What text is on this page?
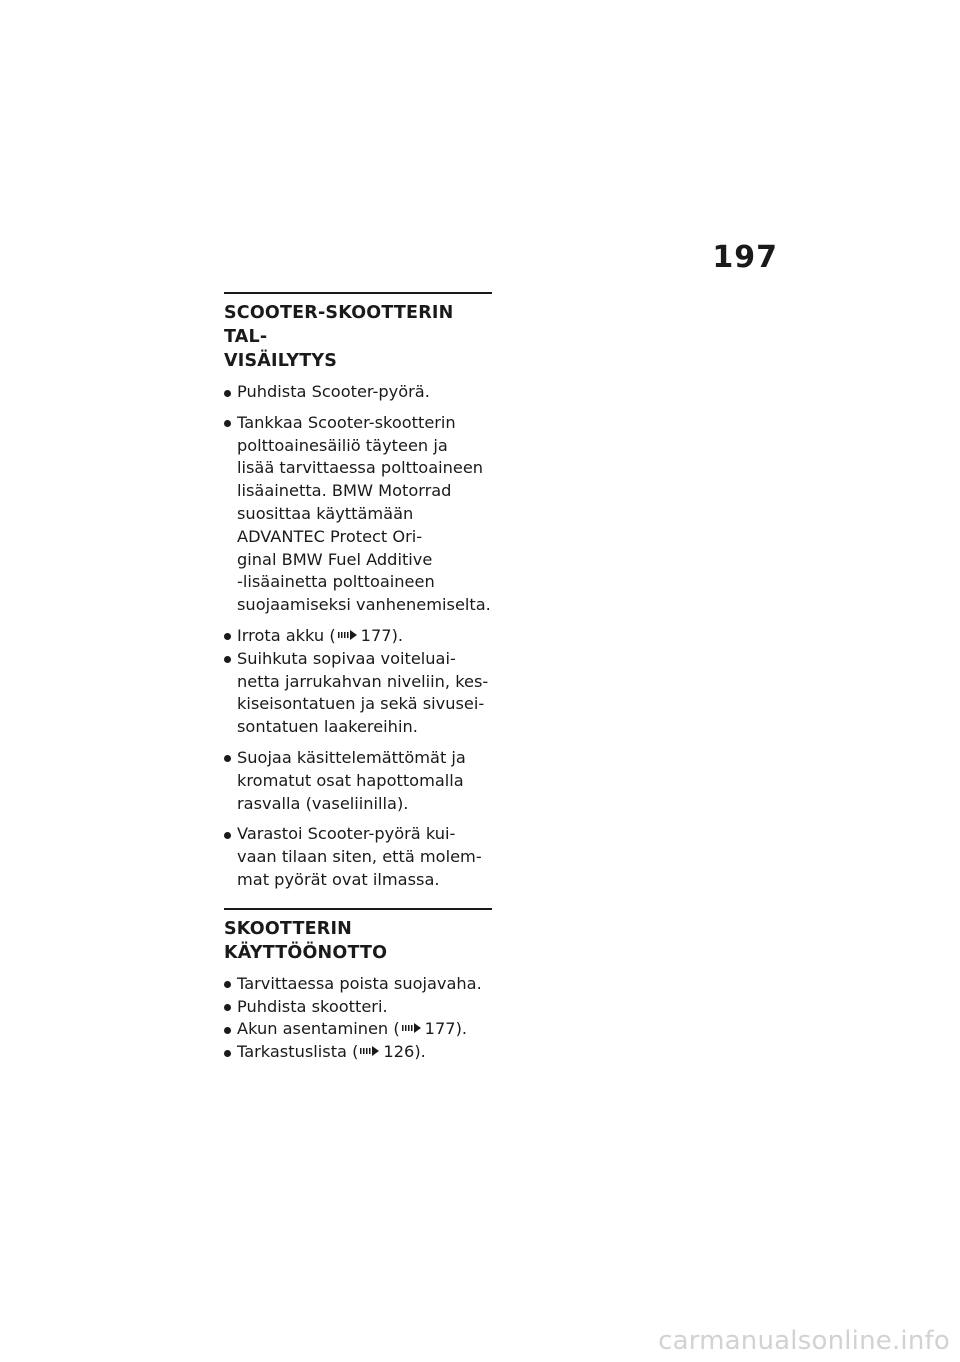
197
SCOOTER-SKOOTTERIN TAL-
VISÄILYTYS
Puhdista Scooter-pyörä.
Tankkaa Scooter-skootterin
polttoainesäiliö täyteen ja
lisää tarvittaessa polttoaineen
lisäainetta. BMW Motorrad
suosittaa käyttämään
ADVANTEC Protect Ori-
ginal BMW Fuel Additive
-lisäainetta polttoaineen
suojaamiseksi vanhenemiselta.
Irrota akku ( 177).
Suihkuta sopivaa voiteluai-
netta jarrukahvan niveliin, kes-
kiseisontatuen ja sekä sivusei-
sontatuen laakereihin.
Suojaa käsittelemättömät ja
kromatut osat hapottomalla
rasvalla (vaseliinilla).
Varastoi Scooter-pyörä kui-
vaan tilaan siten, että molem-
mat pyörät ovat ilmassa.
SKOOTTERIN
KÄYTTÖÖNOTTO
Tarvittaessa poista suojavaha.
Puhdista skootteri.
Akun asentaminen ( 177).
Tarkastuslista ( 126).
carmanualsonline.info
